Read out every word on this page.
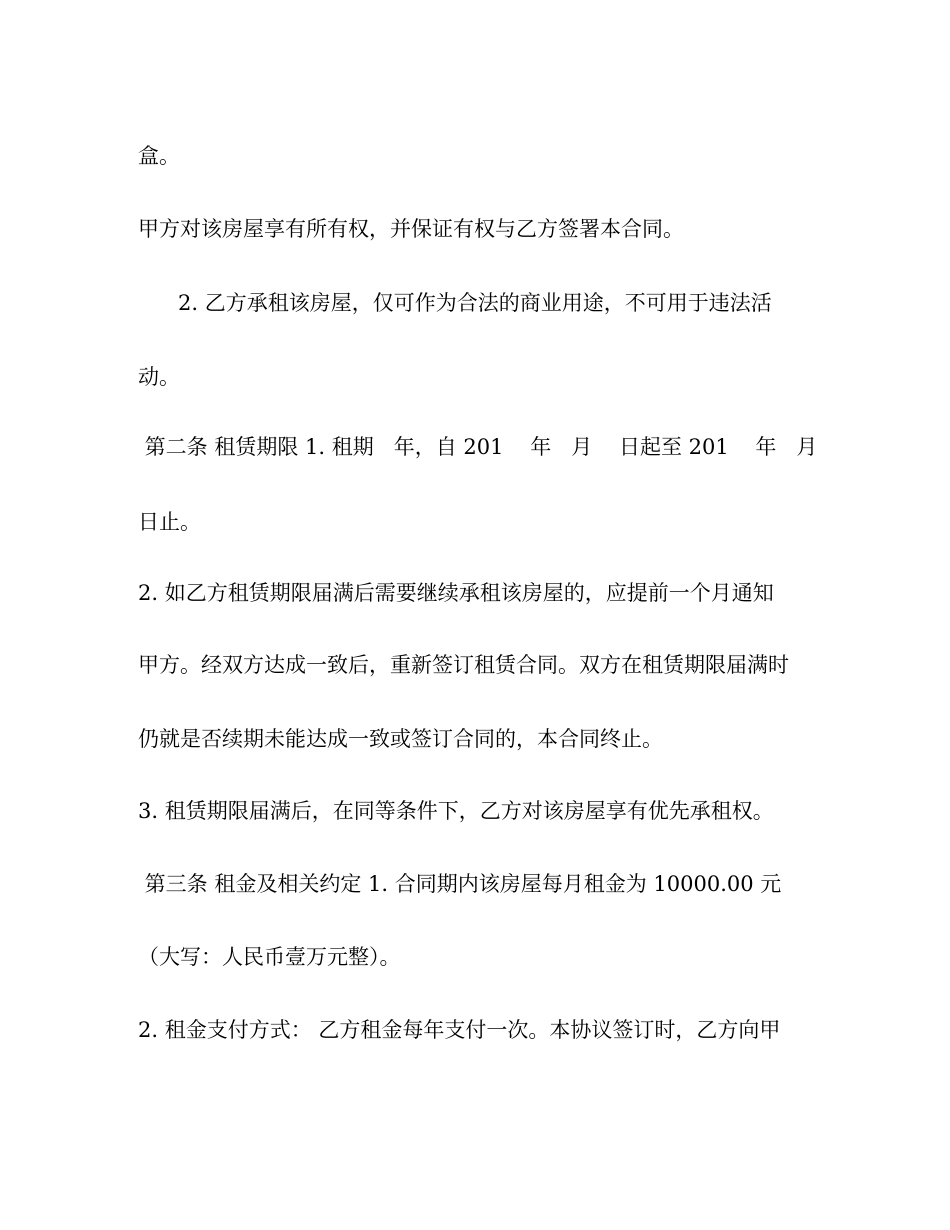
盒。
甲方对该房屋享有所有权，并保证有权与乙方签署本合同。
2. 乙方承租该房屋，仅可作为合法的商业用途，不可用于违法活
动。
第二条 租赁期限 1. 租期   年，自 201    年   月    日起至 201    年   月
日止。
2. 如乙方租赁期限届满后需要继续承租该房屋的，应提前一个月通知
甲方。经双方达成一致后，重新签订租赁合同。双方在租赁期限届满时
仍就是否续期未能达成一致或签订合同的，本合同终止。
3. 租赁期限届满后，在同等条件下，乙方对该房屋享有优先承租权。
第三条 租金及相关约定 1. 合同期内该房屋每月租金为 10000.00 元
（大写：人民币壹万元整）。
2. 租金支付方式： 乙方租金每年支付一次。本协议签订时，乙方向甲
